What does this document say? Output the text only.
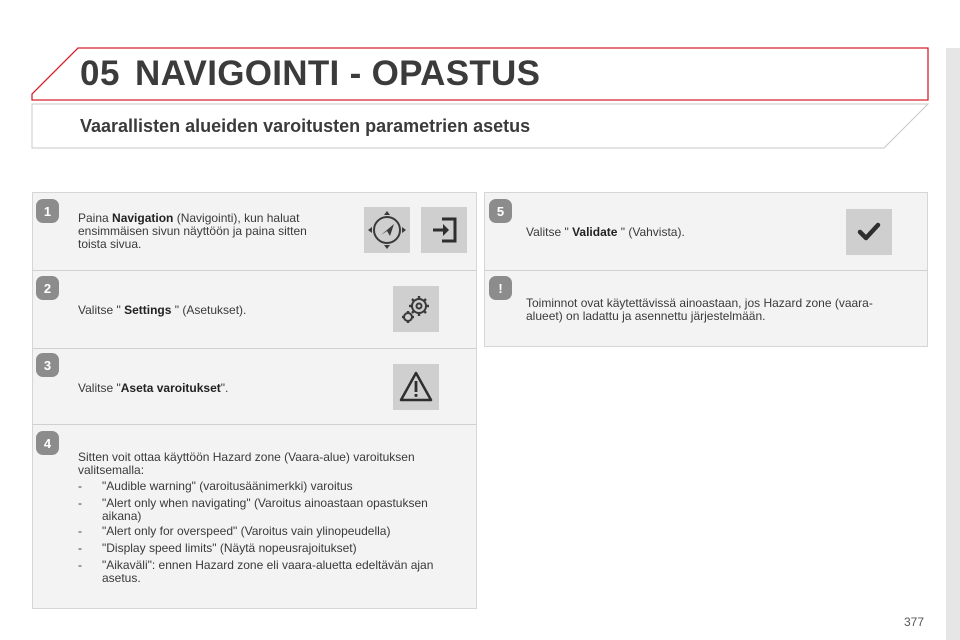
05 NAVIGOINTI - OPASTUS
Vaarallisten alueiden varoitusten parametrien asetus
1	Paina Navigation (Navigointi), kun haluat
ensimmäisen sivun näyttöön ja paina sitten
toista sivua.
2
Valitse " Settings " (Asetukset).
3
Valitse "Aseta varoitukset".
4
Sitten voit ottaa käyttöön Hazard zone (Vaara-alue) varoituksen
valitsemalla:
- "Audible warning" (varoitusäänimerkki) varoitus
- "Alert only when navigating" (Varoitus ainoastaan opastuksen
aikana)
- "Alert only for overspeed" (Varoitus vain ylinopeudella)
- "Display speed limits" (Näytä nopeusrajoitukset)
- "Aikaväli": ennen Hazard zone eli vaara-aluetta edeltävän ajan
asetus.
5
Valitse " Validate " (Vahvista).
!
Toiminnot ovat käytettävissä ainoastaan, jos Hazard zone (vaara-
alueet) on ladattu ja asennettu järjestelmään.
377
